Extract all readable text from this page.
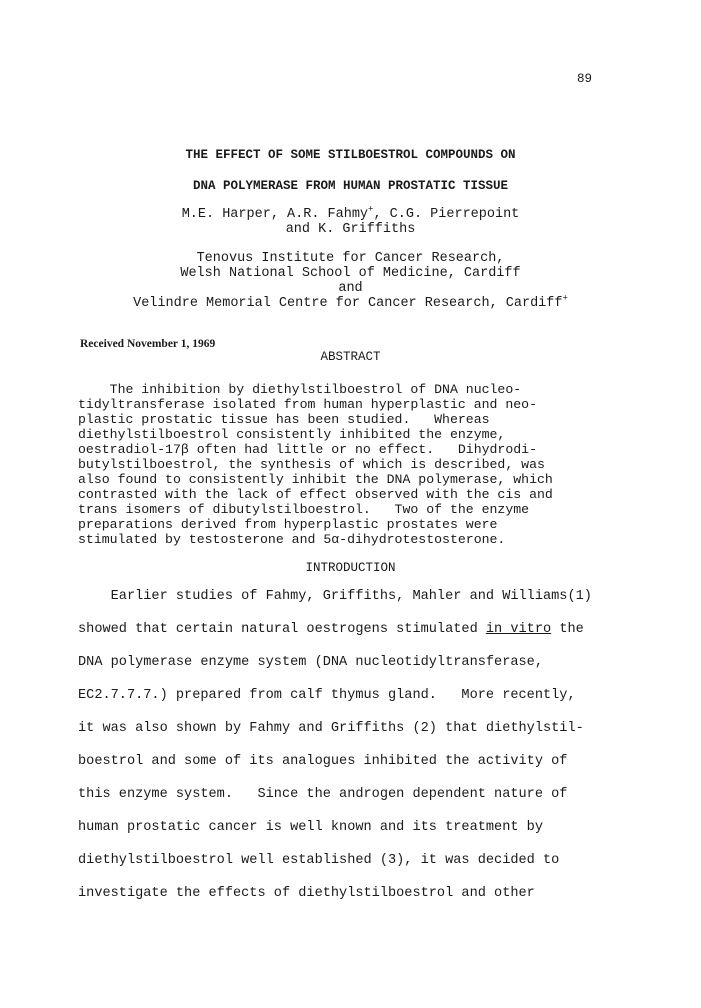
89
THE EFFECT OF SOME STILBOESTROL COMPOUNDS ON
DNA POLYMERASE FROM HUMAN PROSTATIC TISSUE
M.E. Harper, A.R. Fahmy+, C.G. Pierrepoint
and K. Griffiths
Tenovus Institute for Cancer Research,
Welsh National School of Medicine, Cardiff
and
Velindre Memorial Centre for Cancer Research, Cardiff+
Received November 1, 1969
ABSTRACT
The inhibition by diethylstilboestrol of DNA nucleo-
tidyltransferase isolated from human hyperplastic and neo-
plastic prostatic tissue has been studied.   Whereas
diethylstilboestrol consistently inhibited the enzyme,
oestradiol-17β often had little or no effect.   Dihydrodi-
butylstilboestrol, the synthesis of which is described, was
also found to consistently inhibit the DNA polymerase, which
contrasted with the lack of effect observed with the cis and
trans isomers of dibutylstilboestrol.   Two of the enzyme
preparations derived from hyperplastic prostates were
stimulated by testosterone and 5α-dihydrotestosterone.
INTRODUCTION
Earlier studies of Fahmy, Griffiths, Mahler and Williams(1)
showed that certain natural oestrogens stimulated in vitro the
DNA polymerase enzyme system (DNA nucleotidyltransferase,
EC2.7.7.7.) prepared from calf thymus gland.   More recently,
it was also shown by Fahmy and Griffiths (2) that diethylstil-
boestrol and some of its analogues inhibited the activity of
this enzyme system.   Since the androgen dependent nature of
human prostatic cancer is well known and its treatment by
diethylstilboestrol well established (3), it was decided to
investigate the effects of diethylstilboestrol and other
